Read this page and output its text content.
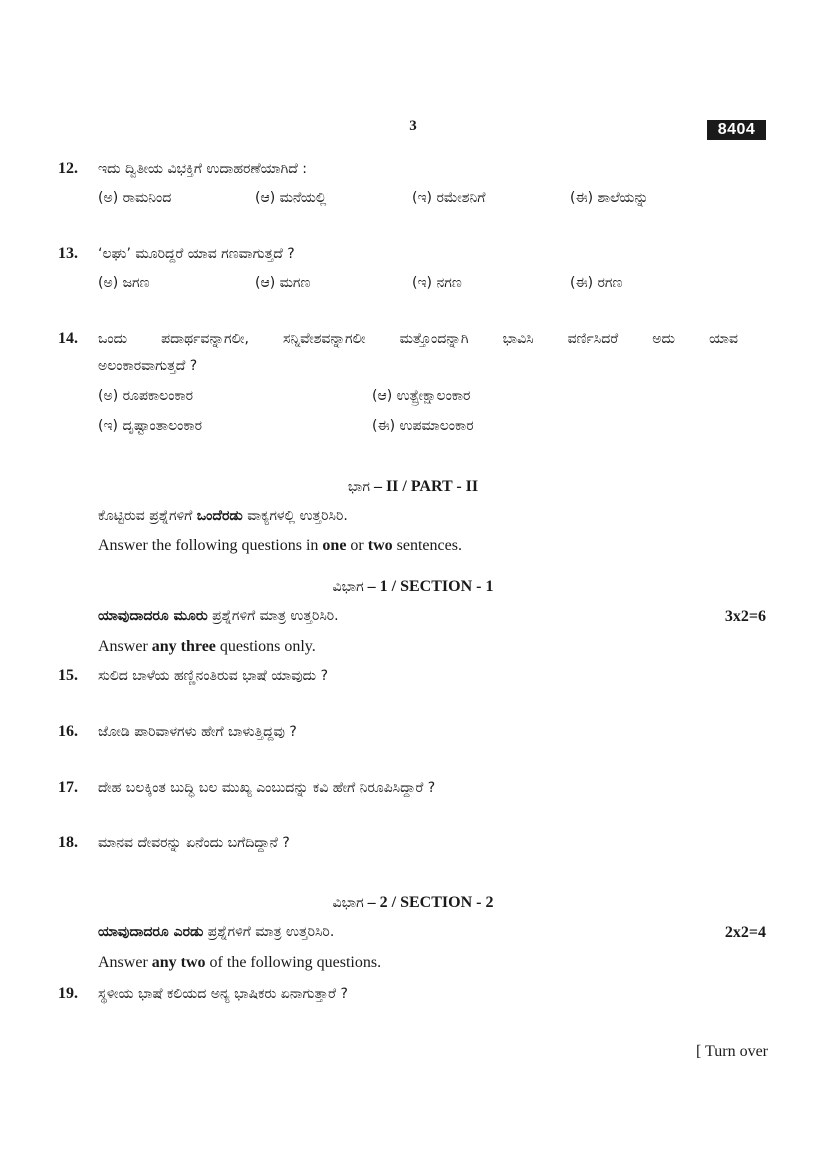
3	8404
12. ಇದು ದ್ವಿತೀಯ ವಿಭಕ್ತಿಗೆ ಉದಾಹರಣೆಯಾಗಿದೆ :
(ಅ) ರಾಮನಿಂದ	(ಆ) ಮನೆಯಲ್ಲಿ	(ಇ) ರಮೇಶನಿಗೆ	(ಈ) ಶಾಲೆಯನ್ನು
13. ‘ಲಘು’ ಮೂರಿದ್ದರೆ ಯಾವ ಗಣವಾಗುತ್ತದೆ ?
(ಅ) ಜಗಣ	(ಆ) ಮಗಣ	(ಇ) ನಗಣ	(ಈ) ರಗಣ
14. ಒಂದು ಪದಾರ್ಥವನ್ನಾಗಲೀ, ಸನ್ನಿವೇಶವನ್ನಾಗಲೀ ಮತ್ತೊಂದನ್ನಾಗಿ ಭಾವಿಸಿ ವರ್ಣಿಸಿದರೆ ಅದು ಯಾವ
ಅಲಂಕಾರವಾಗುತ್ತದೆ ?
(ಅ) ರೂಪಕಾಲಂಕಾರ	(ಆ) ಉತ್ಪ್ರೇಕ್ಷಾಲಂಕಾರ
(ಇ) ದೃಷ್ಟಾಂತಾಲಂಕಾರ	(ಈ) ಉಪಮಾಲಂಕಾರ
ಭಾಗ – II / PART - II
ಕೊಟ್ಟಿರುವ ಪ್ರಶ್ನೆಗಳಿಗೆ ಒಂದೆರಡು ವಾಕ್ಯಗಳಲ್ಲಿ ಉತ್ತರಿಸಿರಿ.
Answer the following questions in one or two sentences.
ವಿಭಾಗ – 1 / SECTION - 1
ಯಾವುದಾದರೂ ಮೂರು ಪ್ರಶ್ನೆಗಳಿಗೆ ಮಾತ್ರ ಉತ್ತರಿಸಿರಿ.	3x2=6
Answer any three questions only.
15. ಸುಲಿದ ಬಾಳೆಯ ಹಣ್ಣಿನಂತಿರುವ ಭಾಷೆ ಯಾವುದು ?
16. ಜೋಡಿ ಪಾರಿವಾಳಗಳು ಹೇಗೆ ಬಾಳುತ್ತಿದ್ದವು ?
17. ದೇಹ ಬಲಕ್ಕಿಂತ ಬುದ್ಧಿ ಬಲ ಮುಖ್ಯ ಎಂಬುದನ್ನು ಕವಿ ಹೇಗೆ ನಿರೂಪಿಸಿದ್ದಾರೆ ?
18. ಮಾನವ ದೇವರನ್ನು ಏನೆಂದು ಬಗೆದಿದ್ದಾನೆ ?
ವಿಭಾಗ – 2 / SECTION - 2
ಯಾವುದಾದರೂ ಎರಡು ಪ್ರಶ್ನೆಗಳಿಗೆ ಮಾತ್ರ ಉತ್ತರಿಸಿರಿ.	2x2=4
Answer any two of the following questions.
19. ಸ್ಥಳೀಯ ಭಾಷೆ ಕಲಿಯದ ಅನ್ಯ ಭಾಷಿಕರು ಏನಾಗುತ್ತಾರೆ ?
[ Turn over
